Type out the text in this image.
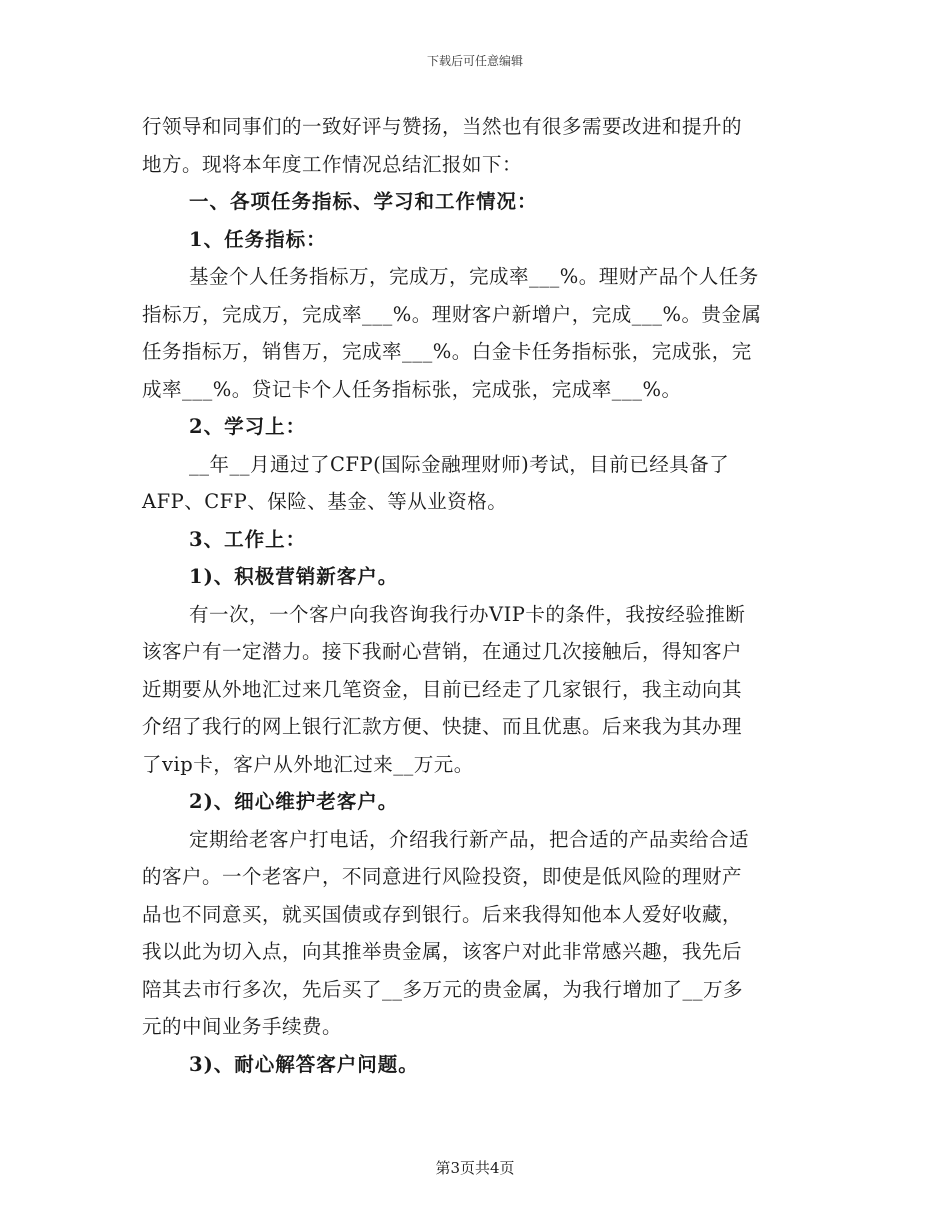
下载后可任意编辑
行领导和同事们的一致好评与赞扬，当然也有很多需要改进和提升的
地方。现将本年度工作情况总结汇报如下：
一、各项任务指标、学习和工作情况：
1、任务指标：
基金个人任务指标万，完成万，完成率___%。理财产品个人任务
指标万，完成万，完成率___%。理财客户新增户，完成___%。贵金属
任务指标万，销售万，完成率___%。白金卡任务指标张，完成张，完
成率___%。贷记卡个人任务指标张，完成张，完成率___%。
2、学习上：
__年__月通过了CFP(国际金融理财师)考试，目前已经具备了
AFP、CFP、保险、基金、等从业资格。
3、工作上：
1)、积极营销新客户。
有一次，一个客户向我咨询我行办VIP卡的条件，我按经验推断
该客户有一定潜力。接下我耐心营销，在通过几次接触后，得知客户
近期要从外地汇过来几笔资金，目前已经走了几家银行，我主动向其
介绍了我行的网上银行汇款方便、快捷、而且优惠。后来我为其办理
了vip卡，客户从外地汇过来__万元。
2)、细心维护老客户。
定期给老客户打电话，介绍我行新产品，把合适的产品卖给合适
的客户。一个老客户，不同意进行风险投资，即使是低风险的理财产
品也不同意买，就买国债或存到银行。后来我得知他本人爱好收藏，
我以此为切入点，向其推举贵金属，该客户对此非常感兴趣，我先后
陪其去市行多次，先后买了__多万元的贵金属，为我行增加了__万多
元的中间业务手续费。
3)、耐心解答客户问题。
第3页共4页
